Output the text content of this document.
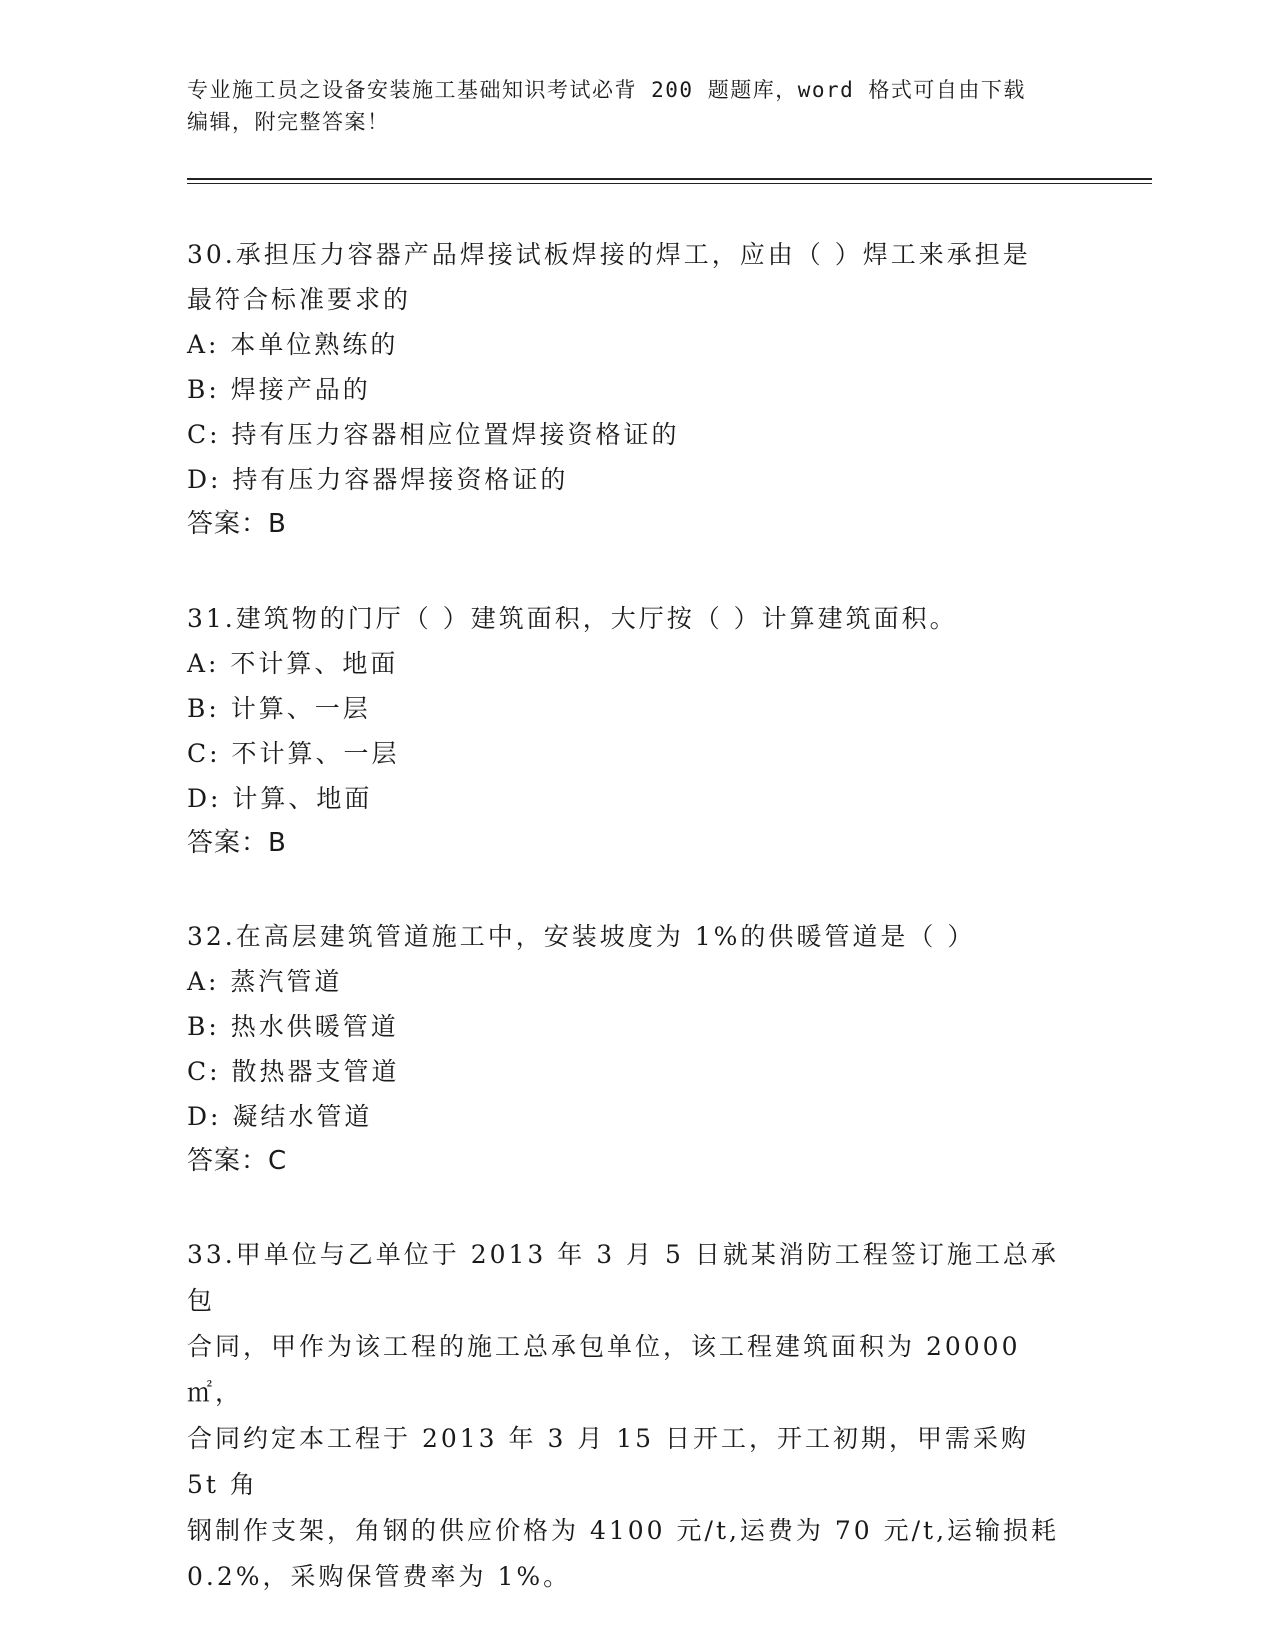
专业施工员之设备安装施工基础知识考试必背 200 题题库，word 格式可自由下载
编辑，附完整答案！

30.承担压力容器产品焊接试板焊接的焊工，应由（ ）焊工来承担是

最符合标准要求的

A: 本单位熟练的

B: 焊接产品的

C: 持有压力容器相应位置焊接资格证的

D: 持有压力容器焊接资格证的

答案：B

31.建筑物的门厅（ ）建筑面积，大厅按（ ）计算建筑面积。

A: 不计算、地面

B: 计算、一层

C: 不计算、一层

D: 计算、地面

答案：B

32.在高层建筑管道施工中，安装坡度为 1%的供暖管道是（ ）

A: 蒸汽管道

B: 热水供暖管道

C: 散热器支管道

D: 凝结水管道

答案：C

33.甲单位与乙单位于 2013 年 3 月 5 日就某消防工程签订施工总承包

合同，甲作为该工程的施工总承包单位，该工程建筑面积为 20000㎡，

合同约定本工程于 2013 年 3 月 15 日开工，开工初期，甲需采购 5t 角

钢制作支架，角钢的供应价格为 4100 元/t,运费为 70 元/t,运输损耗

0.2%，采购保管费率为 1%。
